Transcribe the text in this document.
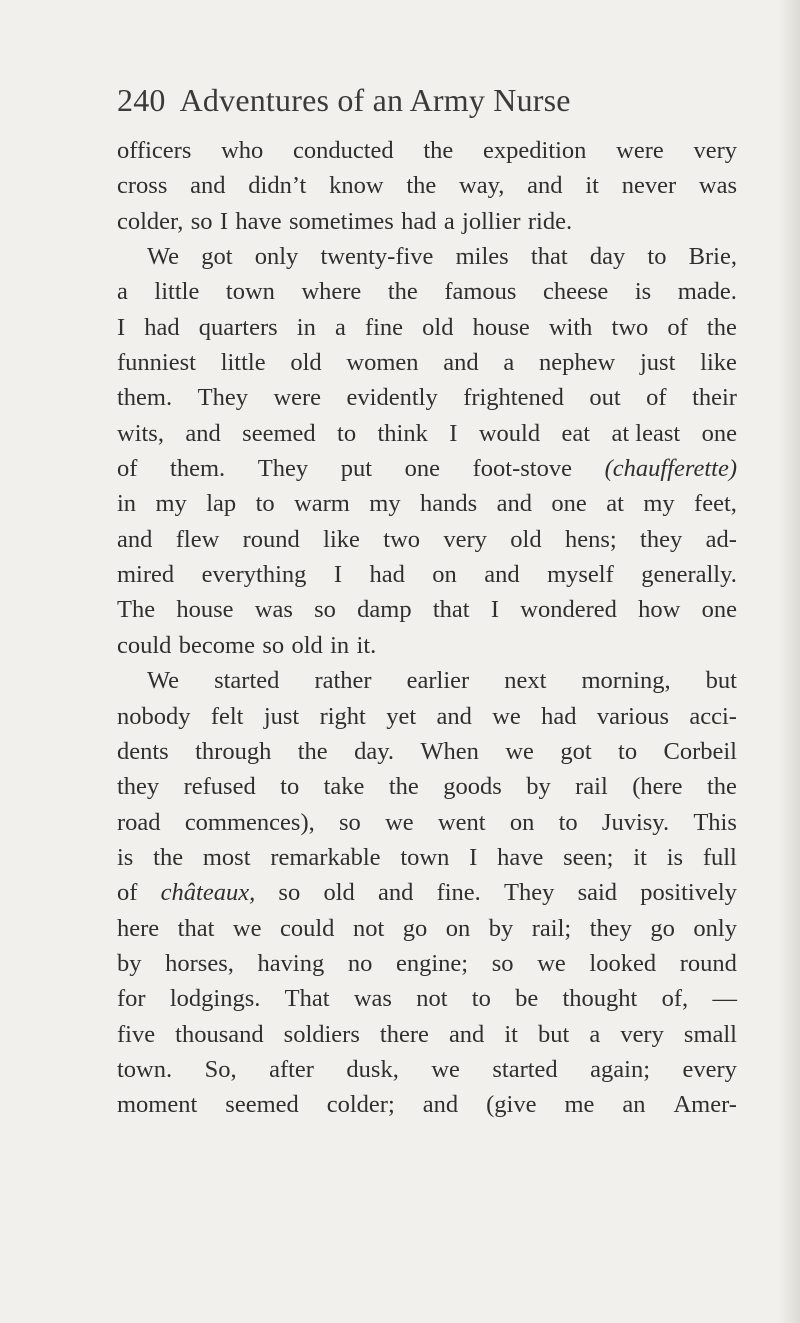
240 Adventures of an Army Nurse
officers who conducted the expedition were very
cross and didn’t know the way, and it never was
colder, so I have sometimes had a jollier ride.
We got only twenty-five miles that day to Brie,
a little town where the famous cheese is made.
I had quarters in a fine old house with two of the
funniest little old women and a nephew just like
them. They were evidently frightened out of their
wits, and seemed to think I would eat at least one
of them. They put one foot-stove (chaufferette)
in my lap to warm my hands and one at my feet,
and flew round like two very old hens; they ad-
mired everything I had on and myself generally.
The house was so damp that I wondered how one
could become so old in it.
We started rather earlier next morning, but
nobody felt just right yet and we had various acci-
dents through the day. When we got to Corbeil
they refused to take the goods by rail (here the
road commences), so we went on to Juvisy. This
is the most remarkable town I have seen; it is full
of châteaux, so old and fine. They said positively
here that we could not go on by rail; they go only
by horses, having no engine; so we looked round
for lodgings. That was not to be thought of, —
five thousand soldiers there and it but a very small
town. So, after dusk, we started again; every
moment seemed colder; and (give me an Amer-
